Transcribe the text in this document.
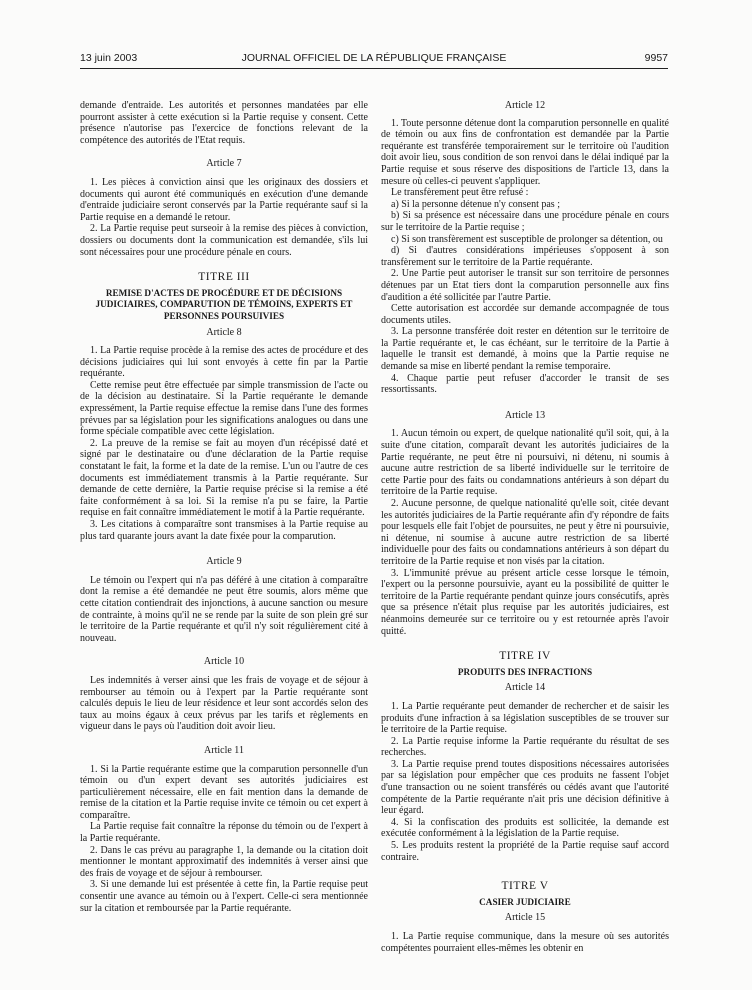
13 juin 2003	JOURNAL OFFICIEL DE LA RÉPUBLIQUE FRANÇAISE	9957

demande d'entraide. Les autorités et personnes mandatées par elle pourront assister à cette exécution si la Partie requise y consent. Cette présence n'autorise pas l'exercice de fonctions relevant de la compétence des autorités de l'Etat requis.

Article 7

1. Les pièces à conviction ainsi que les originaux des dossiers et documents qui auront été communiqués en exécution d'une demande d'entraide judiciaire seront conservés par la Partie requérante sauf si la Partie requise en a demandé le retour.

2. La Partie requise peut surseoir à la remise des pièces à conviction, dossiers ou documents dont la communication est demandée, s'ils lui sont nécessaires pour une procédure pénale en cours.

TITRE III
REMISE D'ACTES DE PROCÉDURE ET DE DÉCISIONS JUDICIAIRES, COMPARUTION DE TÉMOINS, EXPERTS ET PERSONNES POURSUIVIES
Article 8

1. La Partie requise procède à la remise des actes de procédure et des décisions judiciaires qui lui sont envoyés à cette fin par la Partie requérante.

Cette remise peut être effectuée par simple transmission de l'acte ou de la décision au destinataire. Si la Partie requérante le demande expressément, la Partie requise effectue la remise dans l'une des formes prévues par sa législation pour les significations analogues ou dans une forme spéciale compatible avec cette législation.

2. La preuve de la remise se fait au moyen d'un récépissé daté et signé par le destinataire ou d'une déclaration de la Partie requise constatant le fait, la forme et la date de la remise. L'un ou l'autre de ces documents est immédiatement transmis à la Partie requérante. Sur demande de cette dernière, la Partie requise précise si la remise a été faite conformément à sa loi. Si la remise n'a pu se faire, la Partie requise en fait connaître immédiatement le motif à la Partie requérante.

3. Les citations à comparaître sont transmises à la Partie requise au plus tard quarante jours avant la date fixée pour la comparution.

Article 9

Le témoin ou l'expert qui n'a pas déféré à une citation à comparaître dont la remise a été demandée ne peut être soumis, alors même que cette citation contiendrait des injonctions, à aucune sanction ou mesure de contrainte, à moins qu'il ne se rende par la suite de son plein gré sur le territoire de la Partie requérante et qu'il n'y soit régulièrement cité à nouveau.

Article 10

Les indemnités à verser ainsi que les frais de voyage et de séjour à rembourser au témoin ou à l'expert par la Partie requérante sont calculés depuis le lieu de leur résidence et leur sont accordés selon des taux au moins égaux à ceux prévus par les tarifs et règlements en vigueur dans le pays où l'audition doit avoir lieu.

Article 11

1. Si la Partie requérante estime que la comparution personnelle d'un témoin ou d'un expert devant ses autorités judiciaires est particulièrement nécessaire, elle en fait mention dans la demande de remise de la citation et la Partie requise invite ce témoin ou cet expert à comparaître.

La Partie requise fait connaître la réponse du témoin ou de l'expert à la Partie requérante.

2. Dans le cas prévu au paragraphe 1, la demande ou la citation doit mentionner le montant approximatif des indemnités à verser ainsi que des frais de voyage et de séjour à rembourser.

3. Si une demande lui est présentée à cette fin, la Partie requise peut consentir une avance au témoin ou à l'expert. Celle-ci sera mentionnée sur la citation et remboursée par la Partie requérante.

Article 12

1. Toute personne détenue dont la comparution personnelle en qualité de témoin ou aux fins de confrontation est demandée par la Partie requérante est transférée temporairement sur le territoire où l'audition doit avoir lieu, sous condition de son renvoi dans le délai indiqué par la Partie requise et sous réserve des dispositions de l'article 13, dans la mesure où celles-ci peuvent s'appliquer.

Le transfèrement peut être refusé :

a) Si la personne détenue n'y consent pas ;

b) Si sa présence est nécessaire dans une procédure pénale en cours sur le territoire de la Partie requise ;

c) Si son transfèrement est susceptible de prolonger sa détention, ou

d) Si d'autres considérations impérieuses s'opposent à son transfèrement sur le territoire de la Partie requérante.

2. Une Partie peut autoriser le transit sur son territoire de personnes détenues par un Etat tiers dont la comparution personnelle aux fins d'audition a été sollicitée par l'autre Partie.

Cette autorisation est accordée sur demande accompagnée de tous documents utiles.

3. La personne transférée doit rester en détention sur le territoire de la Partie requérante et, le cas échéant, sur le territoire de la Partie à laquelle le transit est demandé, à moins que la Partie requise ne demande sa mise en liberté pendant la remise temporaire.

4. Chaque partie peut refuser d'accorder le transit de ses ressortissants.

Article 13

1. Aucun témoin ou expert, de quelque nationalité qu'il soit, qui, à la suite d'une citation, comparaît devant les autorités judiciaires de la Partie requérante, ne peut être ni poursuivi, ni détenu, ni soumis à aucune autre restriction de sa liberté individuelle sur le territoire de cette Partie pour des faits ou condamnations antérieurs à son départ du territoire de la Partie requise.

2. Aucune personne, de quelque nationalité qu'elle soit, citée devant les autorités judiciaires de la Partie requérante afin d'y répondre de faits pour lesquels elle fait l'objet de poursuites, ne peut y être ni poursuivie, ni détenue, ni soumise à aucune autre restriction de sa liberté individuelle pour des faits ou condamnations antérieurs à son départ du territoire de la Partie requise et non visés par la citation.

3. L'immunité prévue au présent article cesse lorsque le témoin, l'expert ou la personne poursuivie, ayant eu la possibilité de quitter le territoire de la Partie requérante pendant quinze jours consécutifs, après que sa présence n'était plus requise par les autorités judiciaires, est néanmoins demeurée sur ce territoire ou y est retournée après l'avoir quitté.

TITRE IV
PRODUITS DES INFRACTIONS
Article 14

1. La Partie requérante peut demander de rechercher et de saisir les produits d'une infraction à sa législation susceptibles de se trouver sur le territoire de la Partie requise.

2. La Partie requise informe la Partie requérante du résultat de ses recherches.

3. La Partie requise prend toutes dispositions nécessaires autorisées par sa législation pour empêcher que ces produits ne fassent l'objet d'une transaction ou ne soient transférés ou cédés avant que l'autorité compétente de la Partie requérante n'ait pris une décision définitive à leur égard.

4. Si la confiscation des produits est sollicitée, la demande est exécutée conformément à la législation de la Partie requise.

5. Les produits restent la propriété de la Partie requise sauf accord contraire.

TITRE V
CASIER JUDICIAIRE
Article 15

1. La Partie requise communique, dans la mesure où ses autorités compétentes pourraient elles-mêmes les obtenir en
